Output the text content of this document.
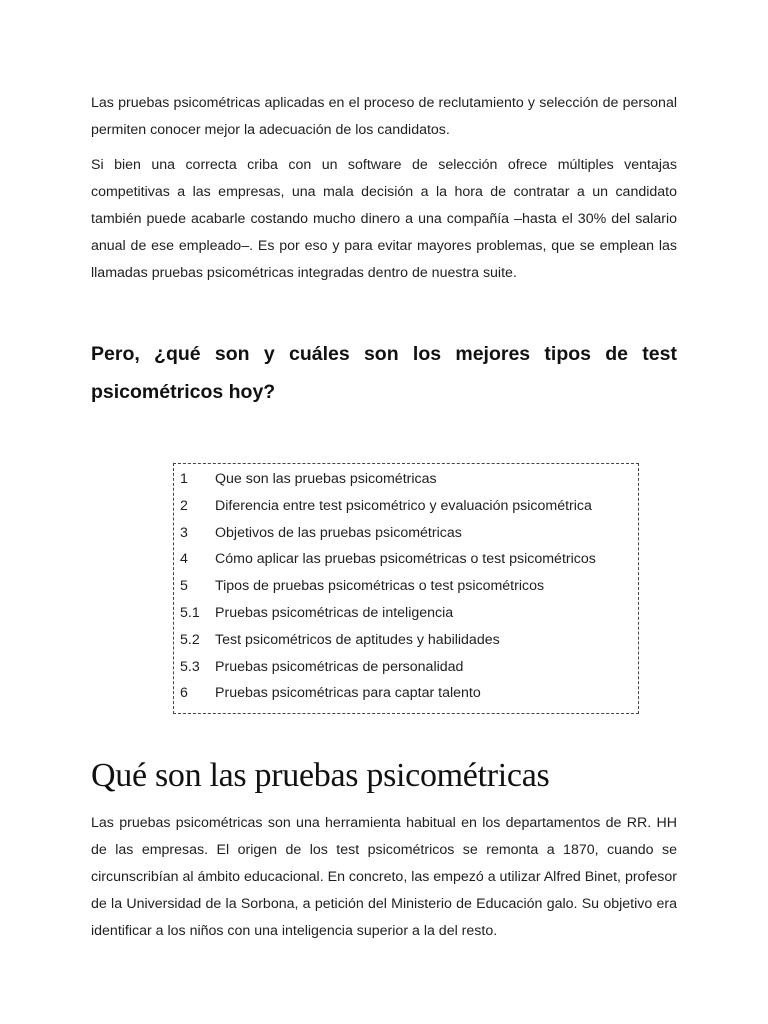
Las pruebas psicométricas aplicadas en el proceso de reclutamiento y selección de personal permiten conocer mejor la adecuación de los candidatos.

Si bien una correcta criba con un software de selección ofrece múltiples ventajas competitivas a las empresas, una mala decisión a la hora de contratar a un candidato también puede acabarle costando mucho dinero a una compañía –hasta el 30% del salario anual de ese empleado–. Es por eso y para evitar mayores problemas, que se emplean las llamadas pruebas psicométricas integradas dentro de nuestra suite.

Pero, ¿qué son y cuáles son los mejores tipos de test psicométricos hoy?
1	Que son las pruebas psicométricas
2	Diferencia entre test psicométrico y evaluación psicométrica
3	Objetivos de las pruebas psicométricas
4	Cómo aplicar las pruebas psicométricas o test psicométricos
5	Tipos de pruebas psicométricas o test psicométricos
5.1	Pruebas psicométricas de inteligencia
5.2	Test psicométricos de aptitudes y habilidades
5.3	Pruebas psicométricas de personalidad
6	Pruebas psicométricas para captar talento
Qué son las pruebas psicométricas

Las pruebas psicométricas son una herramienta habitual en los departamentos de RR. HH de las empresas. El origen de los test psicométricos se remonta a 1870, cuando se circunscribían al ámbito educacional. En concreto, las empezó a utilizar Alfred Binet, profesor de la Universidad de la Sorbona, a petición del Ministerio de Educación galo. Su objetivo era identificar a los niños con una inteligencia superior a la del resto.
